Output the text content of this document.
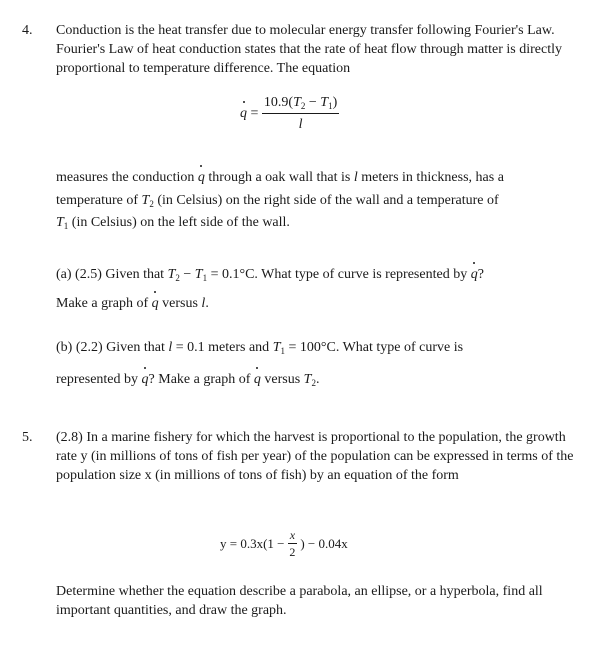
4. Conduction is the heat transfer due to molecular energy transfer following Fourier's Law. Fourier's Law of heat conduction states that the rate of heat flow through matter is directly proportional to temperature difference. The equation
$q = \frac{10.9(T_2 - T_1)}{l}$
measures the conduction q through a oak wall that is l meters in thickness, has a
temperature of $T_2$ (in Celsius) on the right side of the wall and a temperature of
$T_1$ (in Celsius) on the left side of the wall.
(a) (2.5) Given that $T_2 - T_1 = 0.1^\circ C$. What type of curve is represented by q?
Make a graph of q versus l.
(b) (2.2) Given that l = 0.1 meters and $T_1 = 100^\circ C$. What type of curve is
represented by q? Make a graph of q versus $T_2$.
5. (2.8) In a marine fishery for which the harvest is proportional to the population, the growth rate y (in millions of tons of fish per year) of the population can be expressed in terms of the population size x (in millions of tons of fish) by an equation of the form
$y = 0.3x(1 - \frac{x}{2}$ ) − 0.04x
Determine whether the equation describe a parabola, an ellipse, or a hyperbola, find all important quantities, and draw the graph.
